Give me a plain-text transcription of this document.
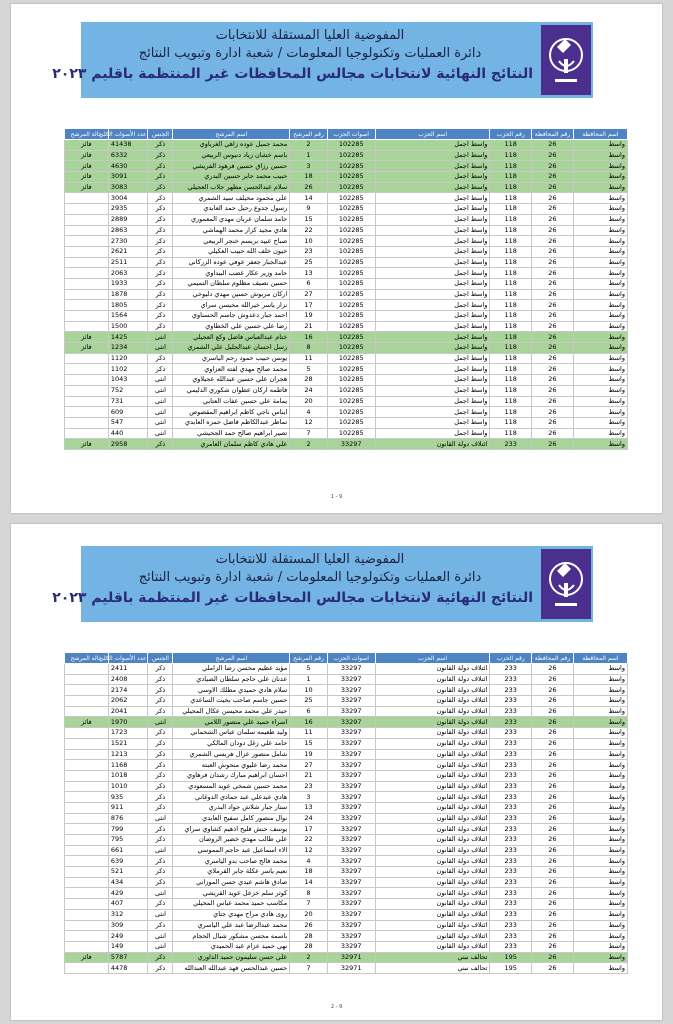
المفوضية العليا المستقلة للانتخابات
دائرة العمليات وتكنولوجيا المعلومات / شعبة ادارة وتبويب النتائج
النتائج النهائية لانتخابات مجالس المحافظات غير المنتظمة باقليم ٢٠٢٣
اسم المحافظة	رقم المحافظة	رقم الحزب	اسم الحزب	اصوات الحزب	رقم المرشح	اسم المرشح	الجنس	عدد الأصوات الكلي	حالة المرشح
واسط	26	118	واسط اجمل	102285	2	محمد جميل عوده زاهي الغرباوي	ذكر	41438	فائز
واسط	26	118	واسط اجمل	102285	1	باسم خشان زياد دنبوس الربيعي	ذكر	6332	فائز
واسط	26	118	واسط اجمل	102285	3	حسين رزاق حسين فرهود الفريشي	ذكر	4630	فائز
واسط	26	118	واسط اجمل	102285	18	حبيب محمد جابر حسين البدري	ذكر	3091	فائز
واسط	26	118	واسط اجمل	102285	26	سلام عبدالحسن مطهر جلاب العجيلي	ذكر	3083	فائز
واسط	26	118	واسط اجمل	102285	14	علي محمود مخيلف سيد الشمري	ذكر	3004	
واسط	26	118	واسط اجمل	102285	9	رسول جدوع رحيل حمد العابدي	ذكر	2935	
واسط	26	118	واسط اجمل	102285	15	حامد سلمان عربان مهدي المعموري	ذكر	2889	
واسط	26	118	واسط اجمل	102285	22	هادي مجيد كزار محمد الهماشي	ذكر	2863	
واسط	26	118	واسط اجمل	102285	10	صباح عبيد بريسم خنجر الربيعي	ذكر	2730	
واسط	26	118	واسط اجمل	102285	23	خيون خلف الله حبيب العكيلي	ذكر	2621	
واسط	26	118	واسط اجمل	102285	25	عبدالجبار جعفر عوفي عوده الزركاني	ذكر	2511	
واسط	26	118	واسط اجمل	102285	13	حامد وزير عكار غضب البيداوي	ذكر	2063	
واسط	26	118	واسط اجمل	102285	6	حسين نصيف مظلوم سلطان التميمي	ذكر	1933	
واسط	26	118	واسط اجمل	102285	27	اركان مربوش حسين مهدي دليوحي	ذكر	1878	
واسط	26	118	واسط اجمل	102285	17	نزار ياسر خيرالله محيسن سراي	ذكر	1805	
واسط	26	118	واسط اجمل	102285	19	احمد جبار دعدوش جاسم الحسناوي	ذكر	1564	
واسط	26	118	واسط اجمل	102285	21	رضا علي حسين علي الخطاوي	ذكر	1500	
واسط	26	118	واسط اجمل	102285	16	ختام عبدالعباس فاضل وكع العجيلي	انثى	1425	فائز
واسط	26	118	واسط اجمل	102285	8	رسل احسان عبدالجليل علي الشمري	انثى	1234	فائز
واسط	26	118	واسط اجمل	102285	11	يونس حبيب حمود رحم الياسري	ذكر	1120	
واسط	26	118	واسط اجمل	102285	5	محمد صالح مهدي لفته العزاوي	ذكر	1102	
واسط	26	118	واسط اجمل	102285	28	هجران علي حسين عبدالله عجيلاوي	انثى	1043	
واسط	26	118	واسط اجمل	102285	24	فاطمه اركان عطوان شكوري الدليمي	انثى	752	
واسط	26	118	واسط اجمل	102285	20	يمامة علي حسين عفات العتابي	انثى	731	
واسط	26	118	واسط اجمل	102285	4	ايناس ناجي كاظم ابراهيم المقصوص	انثى	609	
واسط	26	118	واسط اجمل	102285	12	تماظر عبدالكاظم فاضل حمزه العابدي	انثى	547	
واسط	26	118	واسط اجمل	102285	7	تصير ابراهيم صالح حمد الجحيشي	انثى	440	
واسط	26	233	ائتلاف دولة القانون	33297	2	علي هادي كاظم سلمان العامري	ذكر	2958	فائز
1 - 9
المفوضية العليا المستقلة للانتخابات
دائرة العمليات وتكنولوجيا المعلومات / شعبة ادارة وتبويب النتائج
النتائج النهائية لانتخابات مجالس المحافظات غير المنتظمة باقليم ٢٠٢٣
اسم المحافظة	رقم المحافظة	رقم الحزب	اسم الحزب	اصوات الحزب	رقم المرشح	اسم المرشح	الجنس	عدد الأصوات الكلي	حالة المرشح
واسط	26	233	ائتلاف دولة القانون	33297	5	مؤيد عظيم محسن رضا الزاملي	ذكر	2411	
واسط	26	233	ائتلاف دولة القانون	33297	1	عدنان علي حاجم سلطان الصيادي	ذكر	2408	
واسط	26	233	ائتلاف دولة القانون	33297	10	سلام هادي حميدي مطلك الاوسي	ذكر	2174	
واسط	26	233	ائتلاف دولة القانون	33297	25	حسين جاسم صاحب بخيت الساعدي	ذكر	2062	
واسط	26	233	ائتلاف دولة القانون	33297	6	حيدر علي محمد محيسن عكال المحيلي	ذكر	2041	
واسط	26	233	ائتلاف دولة القانون	33297	16	اسراء حميد علي منصور اللامي	انثى	1970	فائز
واسط	26	233	ائتلاف دولة القانون	33297	11	وليد طعيمه سلمان عباس الشحماني	ذكر	1723	
واسط	26	233	ائتلاف دولة القانون	33297	15	حامد علي زغل دودان المالكي	ذكر	1521	
واسط	26	233	ائتلاف دولة القانون	33297	19	شامل منصور عزال هربسي الشمري	ذكر	1213	
واسط	26	233	ائتلاف دولة القانون	33297	27	محمد رضا عليوي منحوش العبته	ذكر	1168	
واسط	26	233	ائتلاف دولة القانون	33297	21	احسان ابراهيم مبارك رشدان فرهاوي	ذكر	1018	
واسط	26	233	ائتلاف دولة القانون	33297	23	محمد حسين شمخي عويد المسعودي	ذكر	1010	
واسط	26	233	ائتلاف دولة القانون	33297	3	هادي عبدعلي عبد حمادي الدوغاني	ذكر	935	
واسط	26	233	ائتلاف دولة القانون	33297	13	ستار جبار شلاش جواد البدري	ذكر	911	
واسط	26	233	ائتلاف دولة القانون	33297	24	نوال منصور كامل سفيح العابدي	انثى	876	
واسط	26	233	ائتلاف دولة القانون	33297	17	يوسف حنش فليح اذهيم كشاوي سراي	ذكر	799	
واسط	26	233	ائتلاف دولة القانون	33297	22	علي طالب مهدي خضير الروضان	ذكر	795	
واسط	26	233	ائتلاف دولة القانون	33297	12	الاء اسماعيل عبد حاجم المموسي	انثى	661	
واسط	26	233	ائتلاف دولة القانون	33297	4	محمد فالح صاحب بدو الياسري	ذكر	639	
واسط	26	233	ائتلاف دولة القانون	33297	18	نعيم ياسر عكلة جابر القرملاي	ذكر	521	
واسط	26	233	ائتلاف دولة القانون	33297	14	صادق هاشم عيدي حسن الموزاني	ذكر	434	
واسط	26	233	ائتلاف دولة القانون	33297	8	كوثر سلم خزعل عويد القريشي	انثى	429	
واسط	26	233	ائتلاف دولة القانون	33297	7	مكاسب حميد محمد عباس المحيلي	ذكر	407	
واسط	26	233	ائتلاف دولة القانون	33297	20	روى هادي مراح مهدي جتاي	انثى	312	
واسط	26	233	ائتلاف دولة القانون	33297	26	محمد عبدالرضا عبد علي الياسري	ذكر	309	
واسط	26	233	ائتلاف دولة القانون	33297	28	باسمه محسن مشكور شبال الحجام	انثى	249	
واسط	26	233	ائتلاف دولة القانون	33297	28	نهى حميد عزام عبد الحميدي	انثى	149	
واسط	26	195	تحالف نبني	32971	2	علي حسن سليمون حميد الداوري	ذكر	5787	فائز
واسط	26	195	تحالف نبني	32971	7	حسين عبدالحسن فهد عبدالله العبدالله	ذكر	4478	
2 - 9
